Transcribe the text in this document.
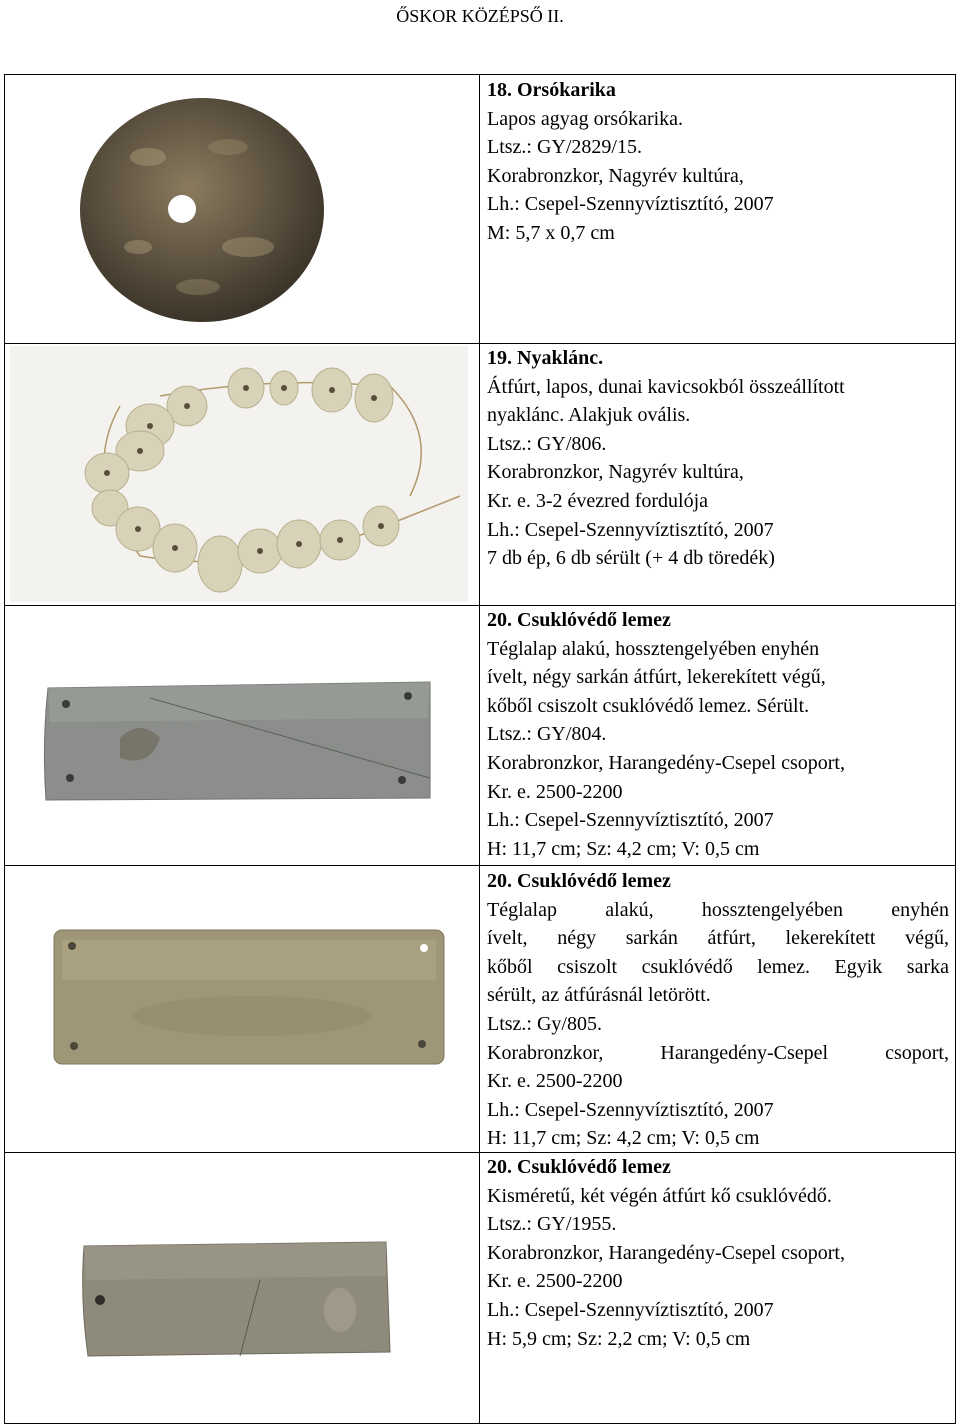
ŐSKOR KÖZÉPSŐ II.
18. Orsókarika
Lapos agyag orsókarika.
Ltsz.: GY/2829/15.
Korabronzkor, Nagyrév kultúra,
Lh.: Csepel-Szennyvíztisztító, 2007
M: 5,7 x 0,7 cm
19. Nyaklánc.
Átfúrt, lapos, dunai kavicsokból összeállított
nyaklánc. Alakjuk ovális.
Ltsz.: GY/806.
Korabronzkor, Nagyrév kultúra,
Kr. e. 3-2 évezred fordulója
Lh.: Csepel-Szennyvíztisztító, 2007
7 db ép, 6 db sérült (+ 4 db töredék)
20. Csuklóvédő lemez
Téglalap alakú, hossztengelyében enyhén
ívelt, négy sarkán átfúrt, lekerekített végű,
kőből csiszolt csuklóvédő lemez. Sérült.
Ltsz.: GY/804.
Korabronzkor, Harangedény-Csepel csoport,
Kr. e. 2500-2200
Lh.: Csepel-Szennyvíztisztító, 2007
H: 11,7 cm; Sz: 4,2 cm; V: 0,5 cm
20. Csuklóvédő lemez
Téglalap alakú, hossztengelyében enyhén
ívelt, négy sarkán átfúrt, lekerekített végű,
kőből csiszolt csuklóvédő lemez. Egyik sarka
sérült, az átfúrásnál letörött.
Ltsz.: Gy/805.
Korabronzkor, Harangedény-Csepel csoport,
Kr. e. 2500-2200
Lh.: Csepel-Szennyvíztisztító, 2007
H: 11,7 cm; Sz: 4,2 cm; V: 0,5 cm
20. Csuklóvédő lemez
Kisméretű, két végén átfúrt kő csuklóvédő.
Ltsz.: GY/1955.
Korabronzkor, Harangedény-Csepel csoport,
Kr. e. 2500-2200
Lh.: Csepel-Szennyvíztisztító, 2007
H: 5,9 cm; Sz: 2,2 cm; V: 0,5 cm
